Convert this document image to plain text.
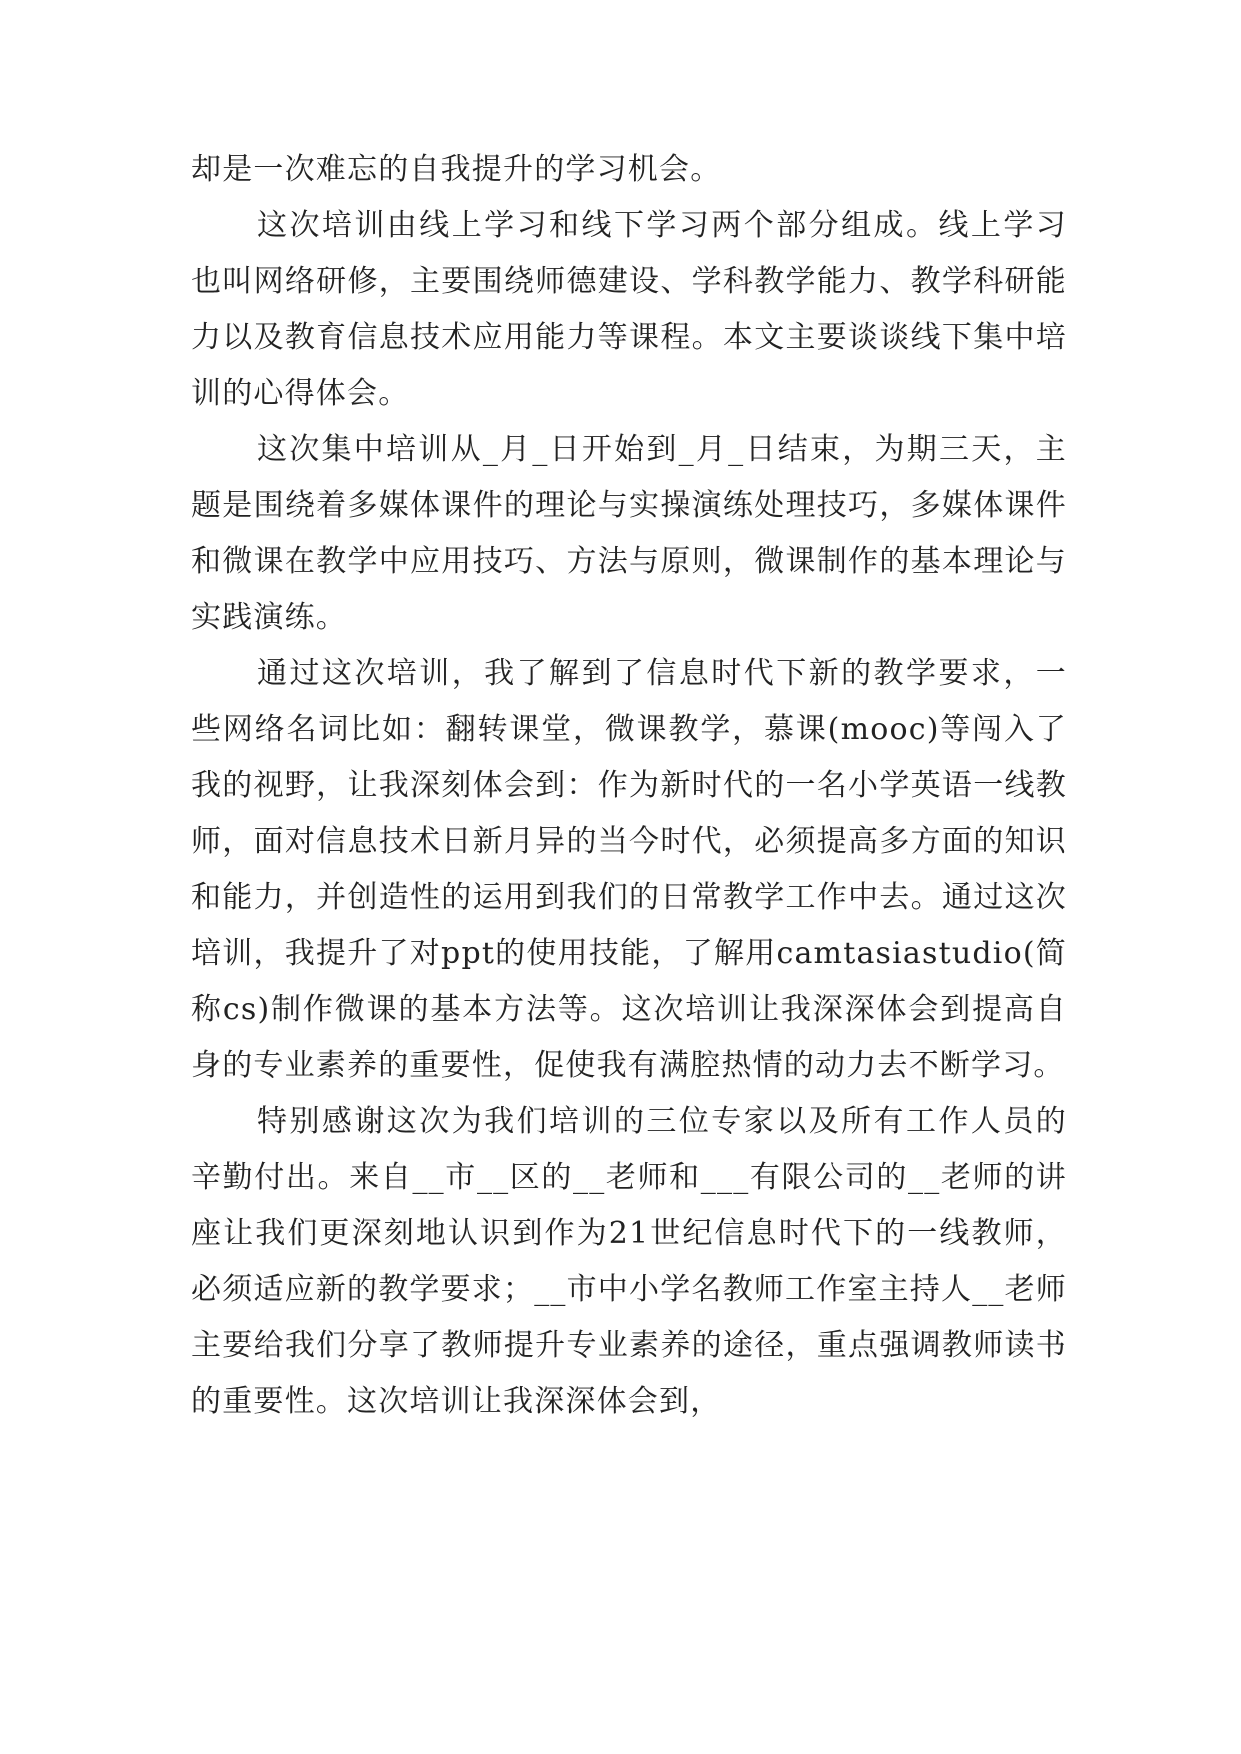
却是一次难忘的自我提升的学习机会。

这次培训由线上学习和线下学习两个部分组成。线上学习也叫网络研修，主要围绕师德建设、学科教学能力、教学科研能力以及教育信息技术应用能力等课程。本文主要谈谈线下集中培训的心得体会。

这次集中培训从_月_日开始到_月_日结束，为期三天，主题是围绕着多媒体课件的理论与实操演练处理技巧，多媒体课件和微课在教学中应用技巧、方法与原则，微课制作的基本理论与实践演练。

通过这次培训，我了解到了信息时代下新的教学要求，一些网络名词比如：翻转课堂，微课教学，慕课(mooc)等闯入了我的视野，让我深刻体会到：作为新时代的一名小学英语一线教师，面对信息技术日新月异的当今时代，必须提高多方面的知识和能力，并创造性的运用到我们的日常教学工作中去。通过这次培训，我提升了对ppt的使用技能，了解用camtasiastudio(简称cs)制作微课的基本方法等。这次培训让我深深体会到提高自身的专业素养的重要性，促使我有满腔热情的动力去不断学习。

特别感谢这次为我们培训的三位专家以及所有工作人员的辛勤付出。来自__市__区的__老师和___有限公司的__老师的讲座让我们更深刻地认识到作为21世纪信息时代下的一线教师，必须适应新的教学要求；__市中小学名教师工作室主持人__老师主要给我们分享了教师提升专业素养的途径，重点强调教师读书的重要性。这次培训让我深深体会到，
